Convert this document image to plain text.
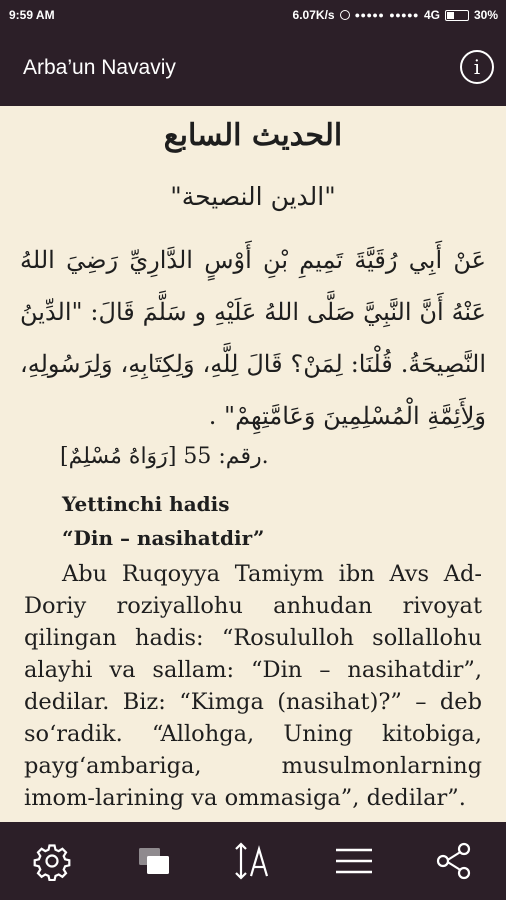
9:59 AM	6.07K/s ●●●●● ●●●●● 4G	30%
Arba’un Navaviy	i
الحديث السابع
"الدين النصيحة"
عَنْ أَبِي رُقَيَّةَ تَمِيمِ بْنِ أَوْسٍ الدَّارِيِّ رَضِيَ اللهُ عَنْهُ أَنَّ النَّبِيَّ صَلَّى اللهُ عَلَيْهِ و سَلَّمَ قَالَ: "الدِّينُ النَّصِيحَةُ. قُلْنَا: لِمَنْ؟ قَالَ لِلَّهِ، وَلِكِتَابِهِ، وَلِرَسُولِهِ، وَلِأَئِمَّةِ الْمُسْلِمِينَ وَعَامَّتِهِمْ" .
[رَوَاهُ مُسْلِمٌ] رقم: 55.
Yettinchi hadis
“Din – nasihatdir”
Abu Ruqoyya Tamiym ibn Avs Ad-Doriy roziyallohu anhudan rivoyat qilingan hadis: “Rosululloh sollallohu alayhi va sallam: “Din – nasihatdir”, dedilar. Biz: “Kimga (nasihat)?” – deb so‘radik. “Allohga, Uning kitobiga, payg‘ambariga, musulmonlarning imom-larining va ommasiga”, dedilar”.
